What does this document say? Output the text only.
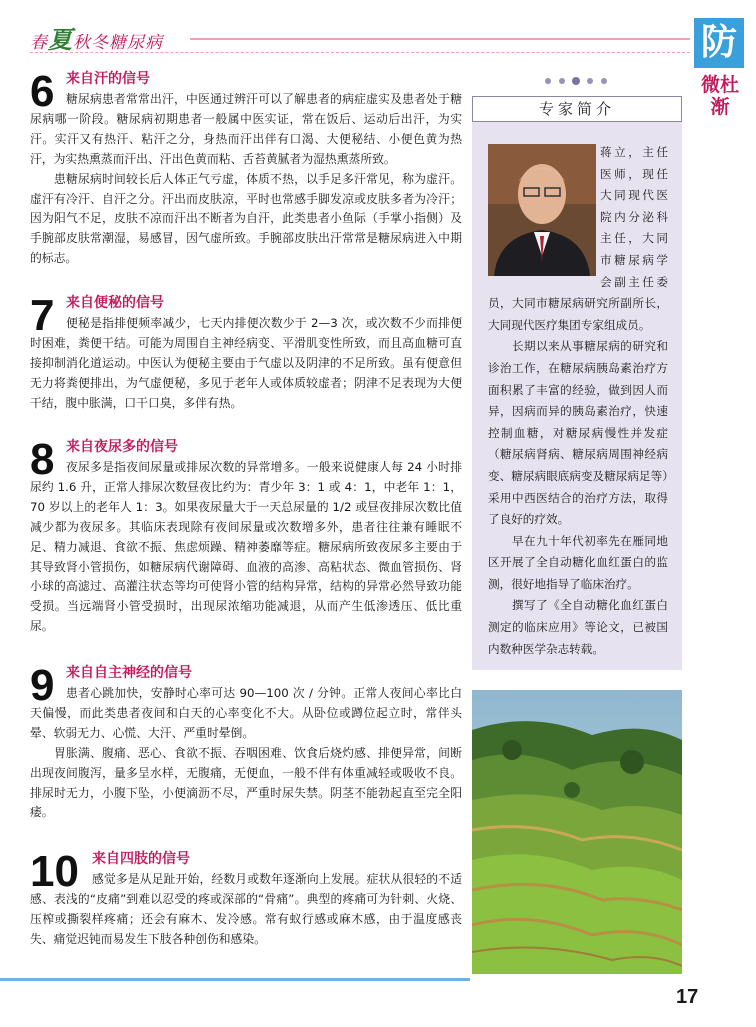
春夏秋冬糖尿病	防
微杜渐
6 来自汗的信号

糖尿病患者常常出汗，中医通过辨汗可以了解患者的病症虚实及患者处于糖尿病哪一阶段。糖尿病初期患者一般属中医实证，常在饭后、运动后出汗，为实汗。实汗又有热汗、粘汗之分，身热而汗出伴有口渴、大便秘结、小便色黄为热汗，为实热熏蒸而汗出、汗出色黄而粘、舌苔黄腻者为湿热熏蒸所致。

患糖尿病时间较长后人体正气亏虚，体质不热，以手足多汗常见，称为虚汗。虚汗有冷汗、自汗之分。汗出而皮肤凉，平时也常感手脚发凉或皮肤多者为冷汗；因为阳气不足，皮肤不凉而汗出不断者为自汗，此类患者小鱼际（手掌小指侧）及手腕部皮肤常潮湿，易感冒，因气虚所致。手腕部皮肤出汗常常是糖尿病进入中期的标志。

7 来自便秘的信号

便秘是指排便频率减少，七天内排便次数少于 2—3 次，或次数不少而排便时困难，粪便干结。可能为周围自主神经病变、平滑肌变性所致，而且高血糖可直接抑制消化道运动。中医认为便秘主要由于气虚以及阴津的不足所致。虽有便意但无力将粪便排出，为气虚便秘，多见于老年人或体质较虚者；阴津不足表现为大便干结，腹中胀满，口干口臭，多伴有热。

8 来自夜尿多的信号

夜尿多是指夜间尿量或排尿次数的异常增多。一般来说健康人每 24 小时排尿约 1.6 升，正常人排尿次数昼夜比约为：青少年 3：1 或 4：1，中老年 1：1，70 岁以上的老年人 1：3。如果夜尿量大于一天总尿量的 1/2 或昼夜排尿次数比值减少都为夜尿多。其临床表现除有夜间尿量或次数增多外，患者往往兼有睡眠不足、精力减退、食欲不振、焦虑烦躁、精神萎靡等症。糖尿病所致夜尿多主要由于其导致肾小管损伤，如糖尿病代谢障碍、血液的高渗、高粘状态、微血管损伤、肾小球的高滤过、高灌注状态等均可使肾小管的结构异常，结构的异常必然导致功能受损。当远端肾小管受损时，出现尿浓缩功能减退，从而产生低渗透压、低比重尿。

9 来自自主神经的信号

患者心跳加快，安静时心率可达 90—100 次 / 分钟。正常人夜间心率比白天偏慢，而此类患者夜间和白天的心率变化不大。从卧位或蹲位起立时，常伴头晕、软弱无力、心慌、大汗、严重时晕倒。

胃胀满、腹痛、恶心、食欲不振、吞咽困难、饮食后烧灼感、排便异常，间断出现夜间腹泻，量多呈水样，无腹痛，无便血，一般不伴有体重减轻或吸收不良。排尿时无力，小腹下坠，小便滴沥不尽，严重时尿失禁。阴茎不能勃起直至完全阳痿。

10 来自四肢的信号

感觉多是从足趾开始，经数月或数年逐渐向上发展。症状从很轻的不适感、表浅的“皮痛”到难以忍受的疼或深部的“骨痛”。典型的疼痛可为针刺、火烧、压榨或撕裂样疼痛；还会有麻木、发冷感。常有蚁行感或麻木感，由于温度感丧失、痛觉迟钝而易发生下肢各种创伤和感染。

专家简介

蒋立，主任医师，现任大同现代医院内分泌科主任，大同市糖尿病学会副主任委员，大同市糖尿病研究所副所长，大同现代医疗集团专家组成员。

长期以来从事糖尿病的研究和诊治工作，在糖尿病胰岛素治疗方面积累了丰富的经验，做到因人而异，因病而异的胰岛素治疗，快速控制血糖，对糖尿病慢性并发症（糖尿病肾病、糖尿病周围神经病变、糖尿病眼底病变及糖尿病足等）采用中西医结合的治疗方法，取得了良好的疗效。

早在九十年代初率先在雁同地区开展了全自动糖化血红蛋白的监测，很好地指导了临床治疗。

撰写了《全自动糖化血红蛋白测定的临床应用》等论文，已被国内数种医学杂志转载。

17
